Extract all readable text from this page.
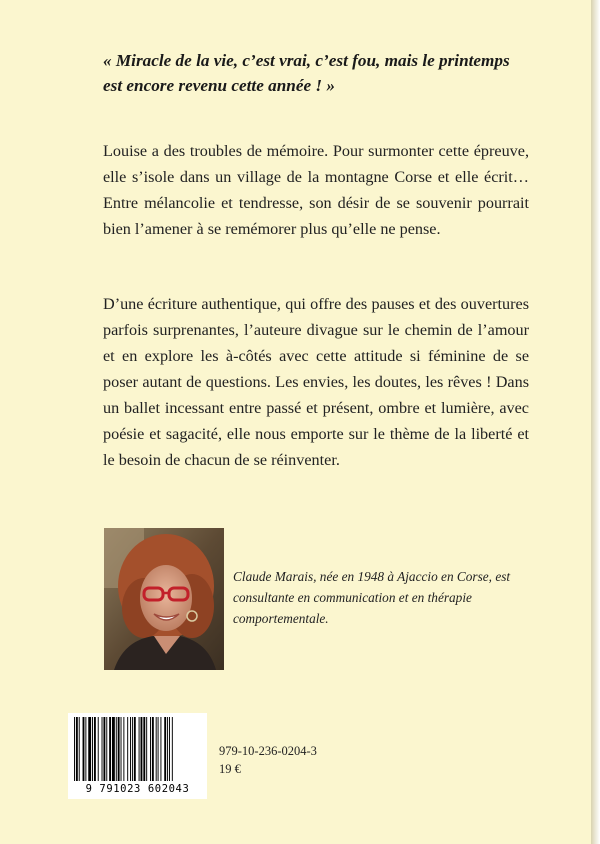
« Miracle de la vie, c’est vrai, c’est fou, mais le printemps est encore revenu cette année ! »

Louise a des troubles de mémoire. Pour surmonter cette épreuve, elle s’isole dans un village de la montagne Corse et elle écrit… Entre mélancolie et tendresse, son désir de se souvenir pourrait bien l’amener à se remémorer plus qu’elle ne pense.

D’une écriture authentique, qui offre des pauses et des ouvertures parfois surprenantes, l’auteure divague sur le chemin de l’amour et en explore les à-côtés avec cette attitude si féminine de se poser autant de questions. Les envies, les doutes, les rêves ! Dans un ballet incessant entre passé et présent, ombre et lumière, avec poésie et sagacité, elle nous emporte sur le thème de la liberté et le besoin de chacun de se réinventer.

Claude Marais, née en 1948 à Ajaccio en Corse, est consultante en communication et en thérapie comportementale.

9 791023 602043
979-10-236-0204-3
19 €
